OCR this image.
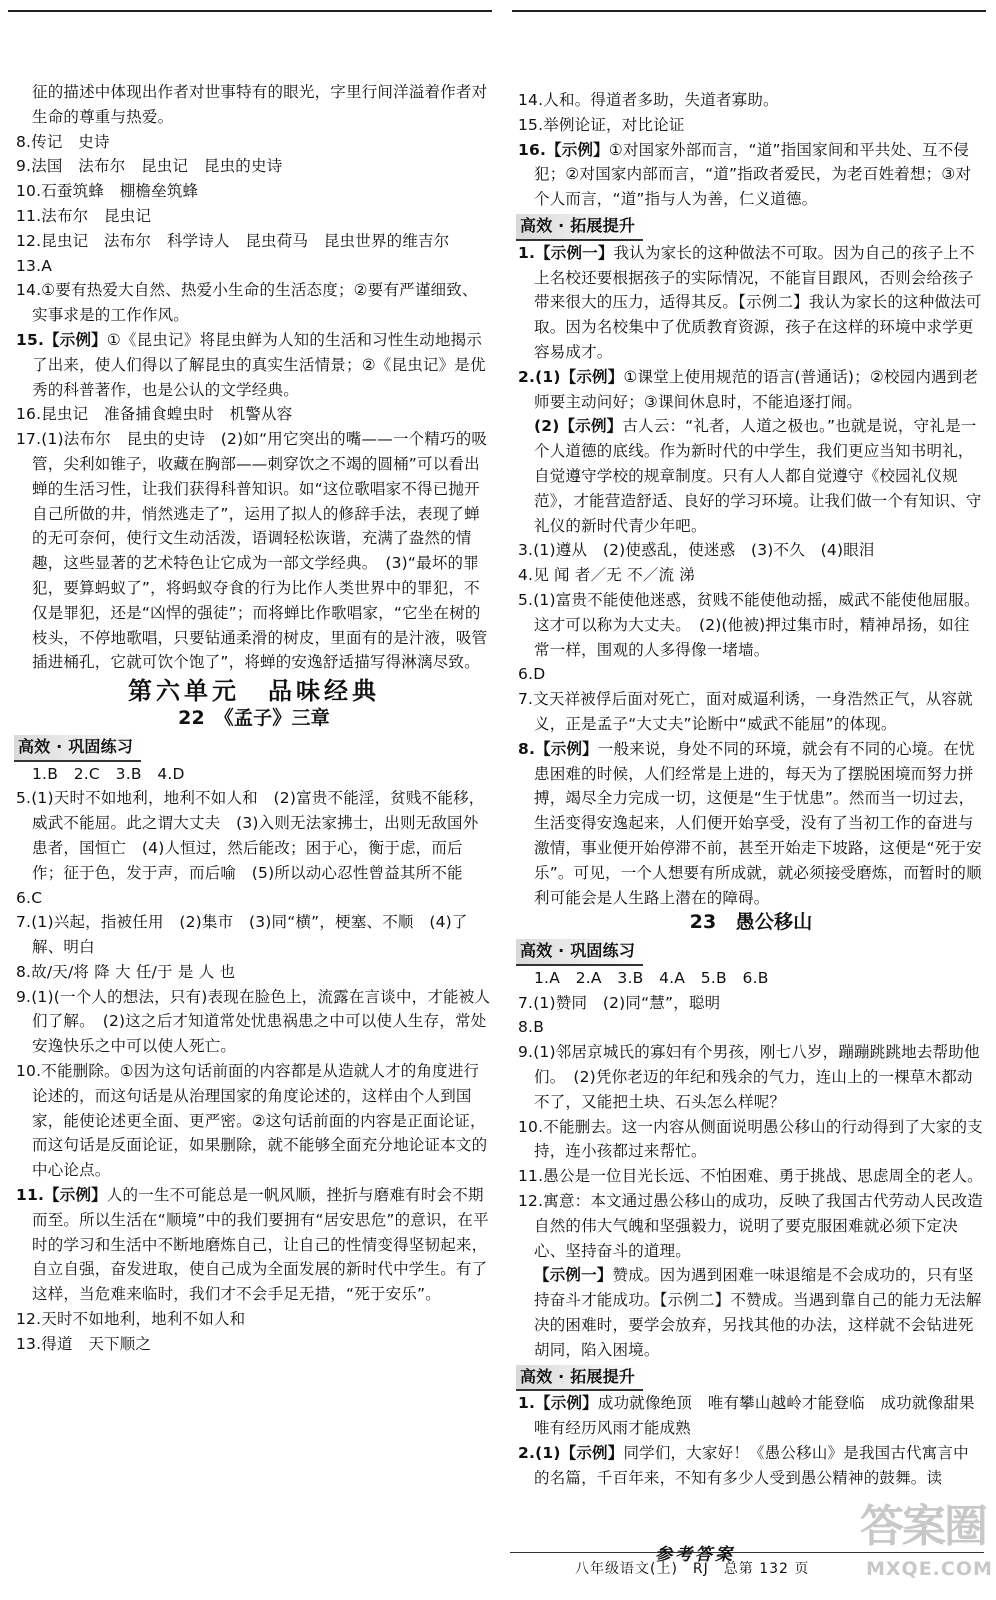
征的描述中体现出作者对世事特有的眼光，字里行间洋溢着作者对生命的尊重与热爱。

8.传记　史诗

9.法国　法布尔　昆虫记　昆虫的史诗

10.石蚕筑蜂　棚檐垒筑蜂

11.法布尔　昆虫记

12.昆虫记　法布尔　科学诗人　昆虫荷马　昆虫世界的维吉尔

13.A

14.①要有热爱大自然、热爱小生命的生活态度；②要有严谨细致、实事求是的工作作风。

15.【示例】①《昆虫记》将昆虫鲜为人知的生活和习性生动地揭示了出来，使人们得以了解昆虫的真实生活情景；②《昆虫记》是优秀的科普著作，也是公认的文学经典。

16.昆虫记　准备捕食蝗虫时　机警从容

17.(1)法布尔　昆虫的史诗　(2)如“用它突出的嘴——一个精巧的吸管，尖利如锥子，收藏在胸部——刺穿饮之不竭的圆桶”可以看出蝉的生活习性，让我们获得科普知识。如“这位歌唱家不得已抛开自己所做的井，悄然逃走了”，运用了拟人的修辞手法，表现了蝉的无可奈何，使行文生动活泼，语调轻松诙谐，充满了盎然的情趣，这些显著的艺术特色让它成为一部文学经典。　(3)“最坏的罪犯，要算蚂蚁了”，将蚂蚁夺食的行为比作人类世界中的罪犯，不仅是罪犯，还是“凶悍的强徒”；而将蝉比作歌唱家，“它坐在树的枝头，不停地歌唱，只要钻通柔滑的树皮，里面有的是汁液，吸管插进桶孔，它就可饮个饱了”，将蝉的安逸舒适描写得淋漓尽致。

第六单元　品味经典
22　《孟子》三章
高效 · 巩固练习

1.B　2.C　3.B　4.D

5.(1)天时不如地利，地利不如人和　(2)富贵不能淫，贫贱不能移，威武不能屈。此之谓大丈夫　(3)入则无法家拂士，出则无敌国外患者，国恒亡　(4)人恒过，然后能改；困于心，衡于虑，而后作；征于色，发于声，而后喻　(5)所以动心忍性曾益其所不能

6.C

7.(1)兴起，指被任用　(2)集市　(3)同“横”，梗塞、不顺　(4)了解、明白

8.故/天/将 降 大 任/于 是 人 也

9.(1)(一个人的想法，只有)表现在脸色上，流露在言谈中，才能被人们了解。　(2)这之后才知道常处忧患祸患之中可以使人生存，常处安逸快乐之中可以使人死亡。

10.不能删除。①因为这句话前面的内容都是从造就人才的角度进行论述的，而这句话是从治理国家的角度论述的，这样由个人到国家，能使论述更全面、更严密。②这句话前面的内容是正面论证，而这句话是反面论证，如果删除，就不能够全面充分地论证本文的中心论点。

11.【示例】人的一生不可能总是一帆风顺，挫折与磨难有时会不期而至。所以生活在“顺境”中的我们要拥有“居安思危”的意识，在平时的学习和生活中不断地磨炼自己，让自己的性情变得坚韧起来，自立自强，奋发进取，使自己成为全面发展的新时代中学生。有了这样，当危难来临时，我们才不会手足无措，“死于安乐”。

12.天时不如地利，地利不如人和

13.得道　天下顺之

14.人和。得道者多助，失道者寡助。

15.举例论证，对比论证

16.【示例】①对国家外部而言，“道”指国家间和平共处、互不侵犯；②对国家内部而言，“道”指政者爱民，为老百姓着想；③对个人而言，“道”指与人为善，仁义道德。

高效 · 拓展提升

1.【示例一】我认为家长的这种做法不可取。因为自己的孩子上不上名校还要根据孩子的实际情况，不能盲目跟风，否则会给孩子带来很大的压力，适得其反。【示例二】我认为家长的这种做法可取。因为名校集中了优质教育资源，孩子在这样的环境中求学更容易成才。

2.(1)【示例】①课堂上使用规范的语言(普通话)；②校园内遇到老师要主动问好；③课间休息时，不能追逐打闹。

(2)【示例】古人云：“礼者，人道之极也。”也就是说，守礼是一个人道德的底线。作为新时代的中学生，我们更应当知书明礼，自觉遵守学校的规章制度。只有人人都自觉遵守《校园礼仪规范》，才能营造舒适、良好的学习环境。让我们做一个有知识、守礼仪的新时代青少年吧。

3.(1)遵从　(2)使惑乱，使迷惑　(3)不久　(4)眼泪

4.见 闻 者／无 不／流 涕

5.(1)富贵不能使他迷惑，贫贱不能使他动摇，威武不能使他屈服。这才可以称为大丈夫。　(2)(他被)押过集市时，精神昂扬，如往常一样，围观的人多得像一堵墙。

6.D

7.文天祥被俘后面对死亡，面对威逼利诱，一身浩然正气，从容就义，正是孟子“大丈夫”论断中“威武不能屈”的体现。

8.【示例】一般来说，身处不同的环境，就会有不同的心境。在忧患困难的时候，人们经常是上进的，每天为了摆脱困境而努力拼搏，竭尽全力完成一切，这便是“生于忧患”。然而当一切过去，生活变得安逸起来，人们便开始享受，没有了当初工作的奋进与激情，事业便开始停滞不前，甚至开始走下坡路，这便是“死于安乐”。可见，一个人想要有所成就，就必须接受磨炼，而暂时的顺利可能会是人生路上潜在的障碍。

23　愚公移山
高效 · 巩固练习

1.A　2.A　3.B　4.A　5.B　6.B

7.(1)赞同　(2)同“慧”，聪明

8.B

9.(1)邻居京城氏的寡妇有个男孩，刚七八岁，蹦蹦跳跳地去帮助他们。　(2)凭你老迈的年纪和残余的气力，连山上的一棵草木都动不了，又能把土块、石头怎么样呢？

10.不能删去。这一内容从侧面说明愚公移山的行动得到了大家的支持，连小孩都过来帮忙。

11.愚公是一位目光长远、不怕困难、勇于挑战、思虑周全的老人。

12.寓意：本文通过愚公移山的成功，反映了我国古代劳动人民改造自然的伟大气魄和坚强毅力，说明了要克服困难就必须下定决心、坚持奋斗的道理。

【示例一】赞成。因为遇到困难一味退缩是不会成功的，只有坚持奋斗才能成功。【示例二】不赞成。当遇到靠自己的能力无法解决的困难时，要学会放弃，另找其他的办法，这样就不会钻进死胡同，陷入困境。

高效 · 拓展提升

1.【示例】成功就像绝顶　唯有攀山越岭才能登临　成功就像甜果　唯有经历风雨才能成熟

2.(1)【示例】同学们，大家好！《愚公移山》是我国古代寓言中的名篇，千百年来，不知有多少人受到愚公精神的鼓舞。读

参考答案
八年级语文(上)　RJ　总第 132 页
答案圈
MXQE.COM
